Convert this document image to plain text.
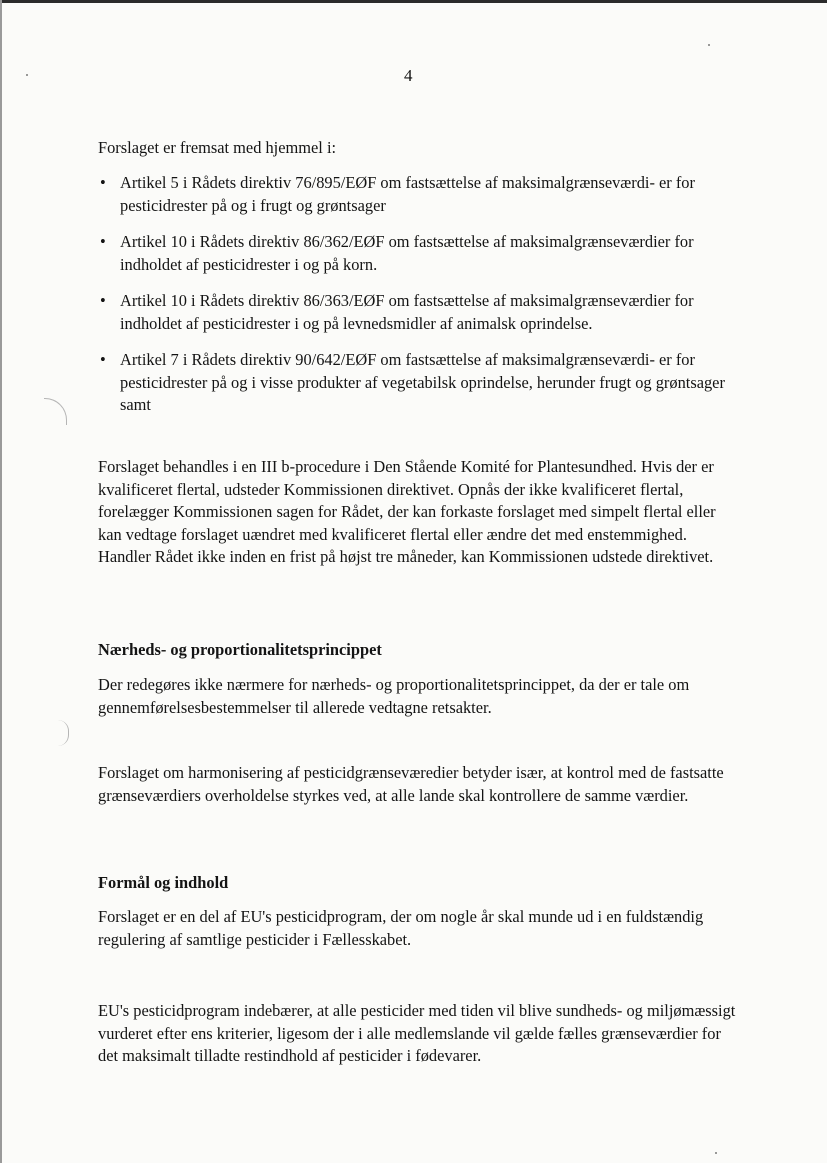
4
Forslaget er fremsat med hjemmel i:
• Artikel 5 i Rådets direktiv 76/895/EØF om fastsættelse af maksimalgrænseværdi- er for pesticidrester på og i frugt og grøntsager
• Artikel 10 i Rådets direktiv 86/362/EØF om fastsættelse af maksimalgrænseværdier for indholdet af pesticidrester i og på korn.
• Artikel 10 i Rådets direktiv 86/363/EØF om fastsættelse af maksimalgrænseværdier for indholdet af pesticidrester i og på levnedsmidler af animalsk oprindelse.
• Artikel 7 i Rådets direktiv 90/642/EØF om fastsættelse af maksimalgrænseværdi- er for pesticidrester på og i visse produkter af vegetabilsk oprindelse, herunder frugt og grøntsager samt
Forslaget behandles i en III b-procedure i Den Stående Komité for Plantesundhed. Hvis der er kvalificeret flertal, udsteder Kommissionen direktivet. Opnås der ikke kvalificeret flertal, forelægger Kommissionen sagen for Rådet, der kan forkaste forslaget med simpelt flertal eller kan vedtage forslaget uændret med kvalificeret flertal eller ændre det med enstemmighed. Handler Rådet ikke inden en frist på højst tre måneder, kan Kommissionen udstede direktivet.
Nærheds- og proportionalitetsprincippet
Der redegøres ikke nærmere for nærheds- og proportionalitetsprincippet, da der er tale om gennemførelsesbestemmelser til allerede vedtagne retsakter.
Forslaget om harmonisering af pesticidgrænseværedier betyder især, at kontrol med de fastsatte grænseværdiers overholdelse styrkes ved, at alle lande skal kontrollere de samme værdier.
Formål og indhold
Forslaget er en del af EU's pesticidprogram, der om nogle år skal munde ud i en fuldstændig regulering af samtlige pesticider i Fællesskabet.
EU's pesticidprogram indebærer, at alle pesticider med tiden vil blive sundheds- og miljømæssigt vurderet efter ens kriterier, ligesom der i alle medlemslande vil gælde fælles grænseværdier for det maksimalt tilladte restindhold af pesticider i fødevarer.
